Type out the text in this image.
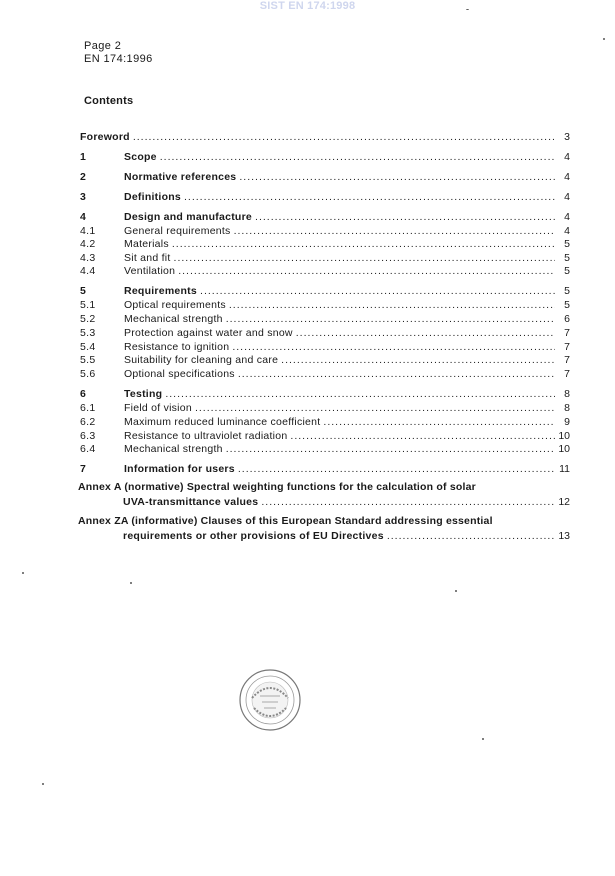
SIST EN 174:1998
Page 2
EN 174:1996
Contents
Foreword .....	3
1	Scope .....	4
2	Normative references .....	4
3	Definitions .....	4
4	Design and manufacture .....	4
4.1	General requirements .....	4
4.2	Materials .....	5
4.3	Sit and fit .....	5
4.4	Ventilation .....	5
5	Requirements .....	5
5.1	Optical requirements .....	5
5.2	Mechanical strength .....	6
5.3	Protection against water and snow .....	7
5.4	Resistance to ignition .....	7
5.5	Suitability for cleaning and care .....	7
5.6	Optional specifications .....	7
6	Testing .....	8
6.1	Field of vision .....	8
6.2	Maximum reduced luminance coefficient .....	9
6.3	Resistance to ultraviolet radiation .....	10
6.4	Mechanical strength .....	10
7	Information for users .....	11
Annex A (normative) Spectral weighting functions for the calculation of solar
UVA-transmittance values .....	12
Annex ZA (informative) Clauses of this European Standard addressing essential
requirements or other provisions of EU Directives .....	13
